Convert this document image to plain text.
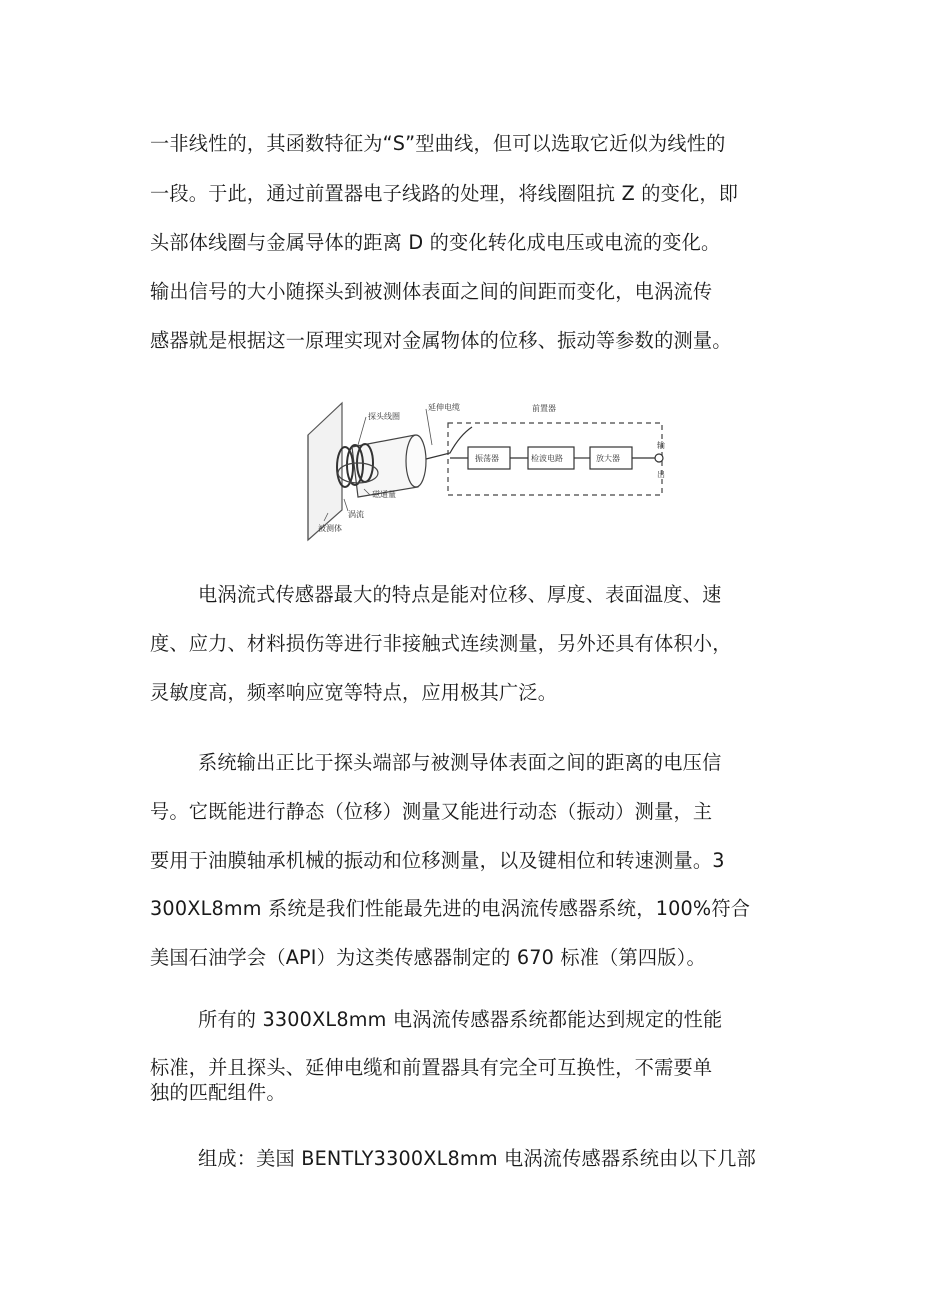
一非线性的，其函数特征为“S”型曲线，但可以选取它近似为线性的
一段。于此，通过前置器电子线路的处理，将线圈阻抗 Z 的变化，即
头部体线圈与金属导体的距离 D 的变化转化成电压或电流的变化。
输出信号的大小随探头到被测体表面之间的间距而变化，电涡流传
感器就是根据这一原理实现对金属物体的位移、振动等参数的测量。
探头线圈
延伸电缆	前置器
振荡器	检波电路	放大器
输
出
磁通量
涡流
被测体
电涡流式传感器最大的特点是能对位移、厚度、表面温度、速
度、应力、材料损伤等进行非接触式连续测量，另外还具有体积小，
灵敏度高，频率响应宽等特点，应用极其广泛。
系统输出正比于探头端部与被测导体表面之间的距离的电压信
号。它既能进行静态（位移）测量又能进行动态（振动）测量，主
要用于油膜轴承机械的振动和位移测量，以及键相位和转速测量。3
300XL8mm 系统是我们性能最先进的电涡流传感器系统，100%符合
美国石油学会（API）为这类传感器制定的 670 标准（第四版）。
所有的 3300XL8mm 电涡流传感器系统都能达到规定的性能
标准，并且探头、延伸电缆和前置器具有完全可互换性，不需要单
独的匹配组件。
组成：美国 BENTLY3300XL8mm 电涡流传感器系统由以下几部
